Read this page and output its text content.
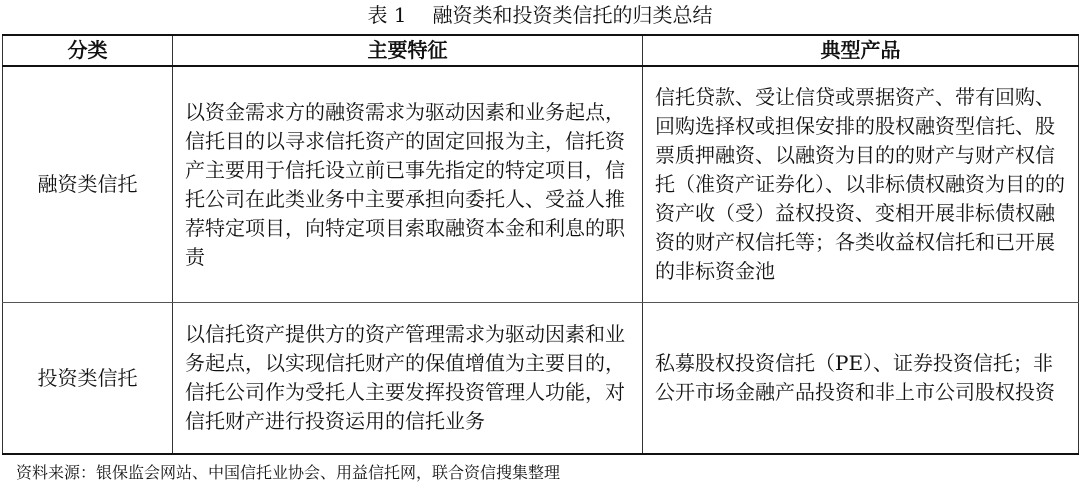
表 1 融资类和投资类信托的归类总结
分类	主要特征	典型产品
融资类信托	以资金需求方的融资需求为驱动因素和业务起点，信托目的以寻求信托资产的固定回报为主，信托资产主要用于信托设立前已事先指定的特定项目，信托公司在此类业务中主要承担向委托人、受益人推荐特定项目，向特定项目索取融资本金和利息的职责	信托贷款、受让信贷或票据资产、带有回购、回购选择权或担保安排的股权融资型信托、股票质押融资、以融资为目的的财产与财产权信托（准资产证券化）、以非标债权融资为目的的资产收（受）益权投资、变相开展非标债权融资的财产权信托等；各类收益权信托和已开展的非标资金池
投资类信托	以信托资产提供方的资产管理需求为驱动因素和业务起点，以实现信托财产的保值增值为主要目的，信托公司作为受托人主要发挥投资管理人功能，对信托财产进行投资运用的信托业务	私募股权投资信托（PE）、证券投资信托；非公开市场金融产品投资和非上市公司股权投资
资料来源：银保监会网站、中国信托业协会、用益信托网，联合资信搜集整理
